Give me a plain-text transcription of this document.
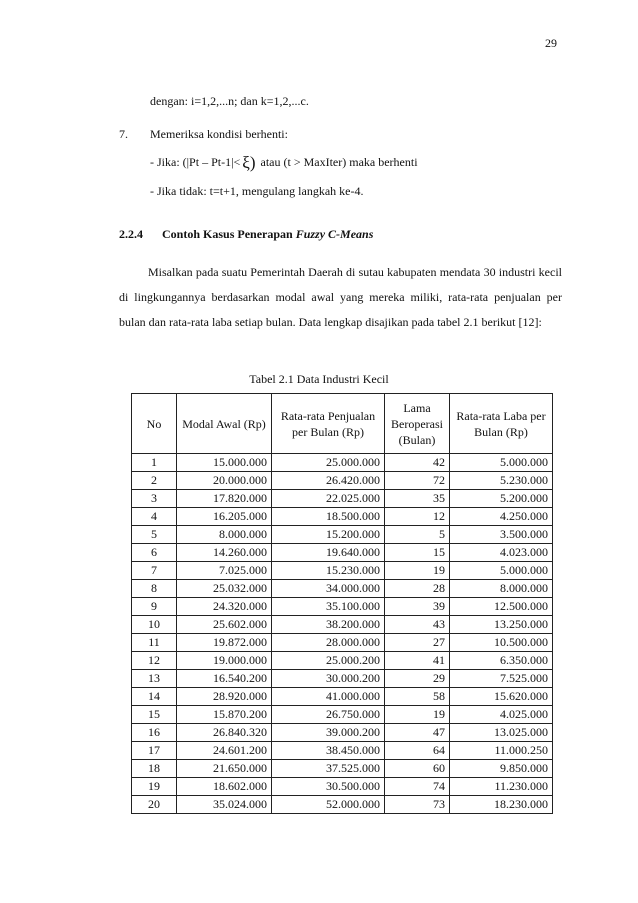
29
dengan: i=1,2,...n; dan k=1,2,...c.
7. Memeriksa kondisi berhenti:
- Jika: (|Pt – Pt-1|< ξ) atau (t > MaxIter) maka berhenti
- Jika tidak: t=t+1, mengulang langkah ke-4.
2.2.4 Contoh Kasus Penerapan Fuzzy C-Means

Misalkan pada suatu Pemerintah Daerah di sutau kabupaten mendata 30 industri kecil di lingkungannya berdasarkan modal awal yang mereka miliki, rata-rata penjualan per bulan dan rata-rata laba setiap bulan. Data lengkap disajikan pada tabel 2.1 berikut [12]:

Tabel 2.1 Data Industri Kecil
No	Modal Awal (Rp)	Rata-rata Penjualan per Bulan (Rp)	Lama Beroperasi (Bulan)	Rata-rata Laba per Bulan (Rp)
1	15.000.000	25.000.000	42	5.000.000
2	20.000.000	26.420.000	72	5.230.000
3	17.820.000	22.025.000	35	5.200.000
4	16.205.000	18.500.000	12	4.250.000
5	8.000.000	15.200.000	5	3.500.000
6	14.260.000	19.640.000	15	4.023.000
7	7.025.000	15.230.000	19	5.000.000
8	25.032.000	34.000.000	28	8.000.000
9	24.320.000	35.100.000	39	12.500.000
10	25.602.000	38.200.000	43	13.250.000
11	19.872.000	28.000.000	27	10.500.000
12	19.000.000	25.000.200	41	6.350.000
13	16.540.200	30.000.200	29	7.525.000
14	28.920.000	41.000.000	58	15.620.000
15	15.870.200	26.750.000	19	4.025.000
16	26.840.320	39.000.200	47	13.025.000
17	24.601.200	38.450.000	64	11.000.250
18	21.650.000	37.525.000	60	9.850.000
19	18.602.000	30.500.000	74	11.230.000
20	35.024.000	52.000.000	73	18.230.000
